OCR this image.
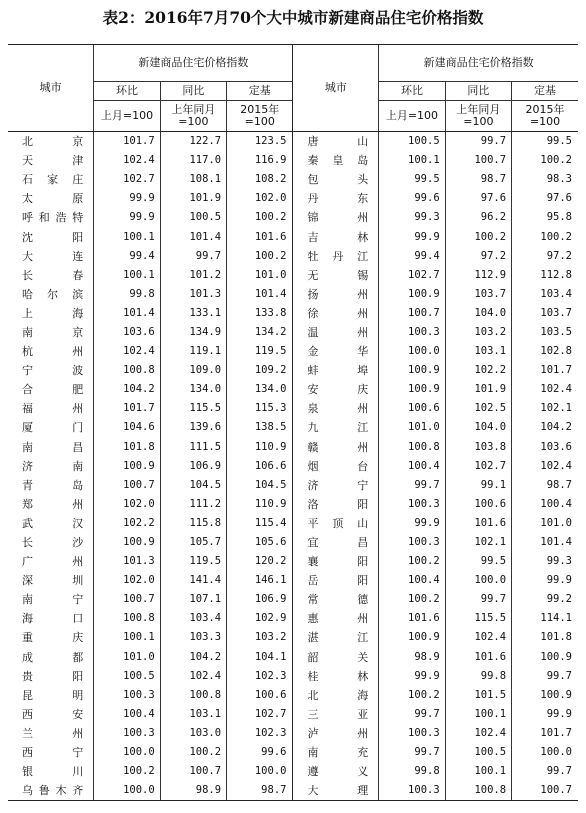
表2：2016年7月70个大中城市新建商品住宅价格指数
城市	新建商品住宅价格指数			城市	新建商品住宅价格指数		
	环比	同比	定基		环比	同比	定基
	上月=100	上年同月=100	2015年=100		上月=100	上年同月=100	2015年=100
北京	101.7	122.7	123.5	唐山	100.5	99.7	99.5
天津	102.4	117.0	116.9	秦皇岛	100.1	100.7	100.2
石家庄	102.7	108.1	108.2	包头	99.5	98.7	98.3
太原	99.9	101.9	102.0	丹东	99.6	97.6	97.6
呼和浩特	99.9	100.5	100.2	锦州	99.3	96.2	95.8
沈阳	100.1	101.4	101.6	吉林	99.9	100.2	100.2
大连	99.4	99.7	100.2	牡丹江	99.4	97.2	97.2
长春	100.1	101.2	101.0	无锡	102.7	112.9	112.8
哈尔滨	99.8	101.3	101.4	扬州	100.9	103.7	103.4
上海	101.4	133.1	133.8	徐州	100.7	104.0	103.7
南京	103.6	134.9	134.2	温州	100.3	103.2	103.5
杭州	102.4	119.1	119.5	金华	100.0	103.1	102.8
宁波	100.8	109.0	109.2	蚌埠	100.9	102.2	101.7
合肥	104.2	134.0	134.0	安庆	100.9	101.9	102.4
福州	101.7	115.5	115.3	泉州	100.6	102.5	102.1
厦门	104.6	139.6	138.5	九江	101.0	104.0	104.2
南昌	101.8	111.5	110.9	赣州	100.8	103.8	103.6
济南	100.9	106.9	106.6	烟台	100.4	102.7	102.4
青岛	100.7	104.5	104.5	济宁	99.7	99.1	98.7
郑州	102.0	111.2	110.9	洛阳	100.3	100.6	100.4
武汉	102.2	115.8	115.4	平顶山	99.9	101.6	101.0
长沙	100.9	105.7	105.6	宜昌	100.3	102.1	101.4
广州	101.3	119.5	120.2	襄阳	100.2	99.5	99.3
深圳	102.0	141.4	146.1	岳阳	100.4	100.0	99.9
南宁	100.7	107.1	106.9	常德	100.2	99.7	99.2
海口	100.8	103.4	102.9	惠州	101.6	115.5	114.1
重庆	100.1	103.3	103.2	湛江	100.9	102.4	101.8
成都	101.0	104.2	104.1	韶关	98.9	101.6	100.9
贵阳	100.5	102.4	102.3	桂林	99.9	99.8	99.7
昆明	100.3	100.8	100.6	北海	100.2	101.5	100.9
西安	100.4	103.1	102.7	三亚	99.7	100.1	99.9
兰州	100.3	103.0	102.3	泸州	100.3	102.4	101.7
西宁	100.0	100.2	99.6	南充	99.7	100.5	100.0
银川	100.2	100.7	100.0	遵义	99.8	100.1	99.7
乌鲁木齐	100.0	98.9	98.7	大理	100.3	100.8	100.7
